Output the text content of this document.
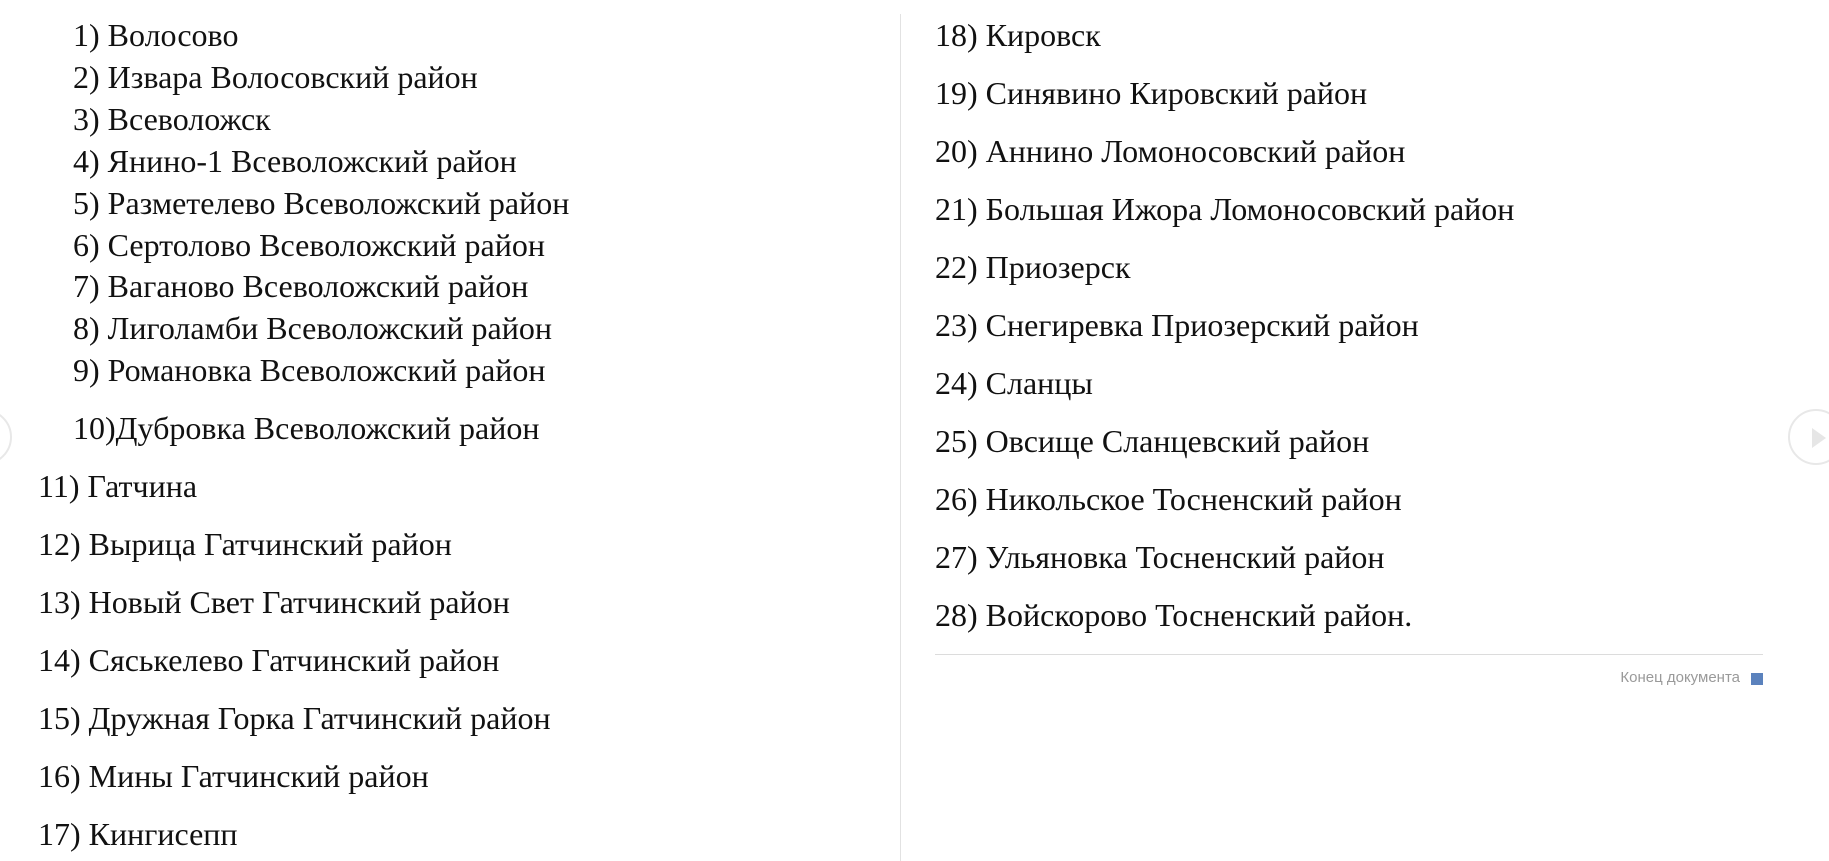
1) Волосово

2) Извара Волосовский район

3) Всеволожск

4) Янино-1 Всеволожский район

5) Разметелево Всеволожский район

6) Сертолово Всеволожский район

7) Ваганово Всеволожский район

8) Лиголамби Всеволожский район

9) Романовка Всеволожский район

10)Дубровка Всеволожский район

11) Гатчина

12) Вырица Гатчинский район

13) Новый Свет Гатчинский район

14) Сяськелево Гатчинский район

15) Дружная Горка Гатчинский район

16) Мины Гатчинский район

17) Кингисепп

18) Кировск

19) Синявино Кировский район

20) Аннино Ломоносовский район

21) Большая Ижора Ломоносовский район

22) Приозерск

23) Снегиревка Приозерский район

24) Сланцы

25) Овсище Сланцевский район

26) Никольское Тосненский район

27) Ульяновка Тосненский район

28) Войскорово Тосненский район.

Конец документа
